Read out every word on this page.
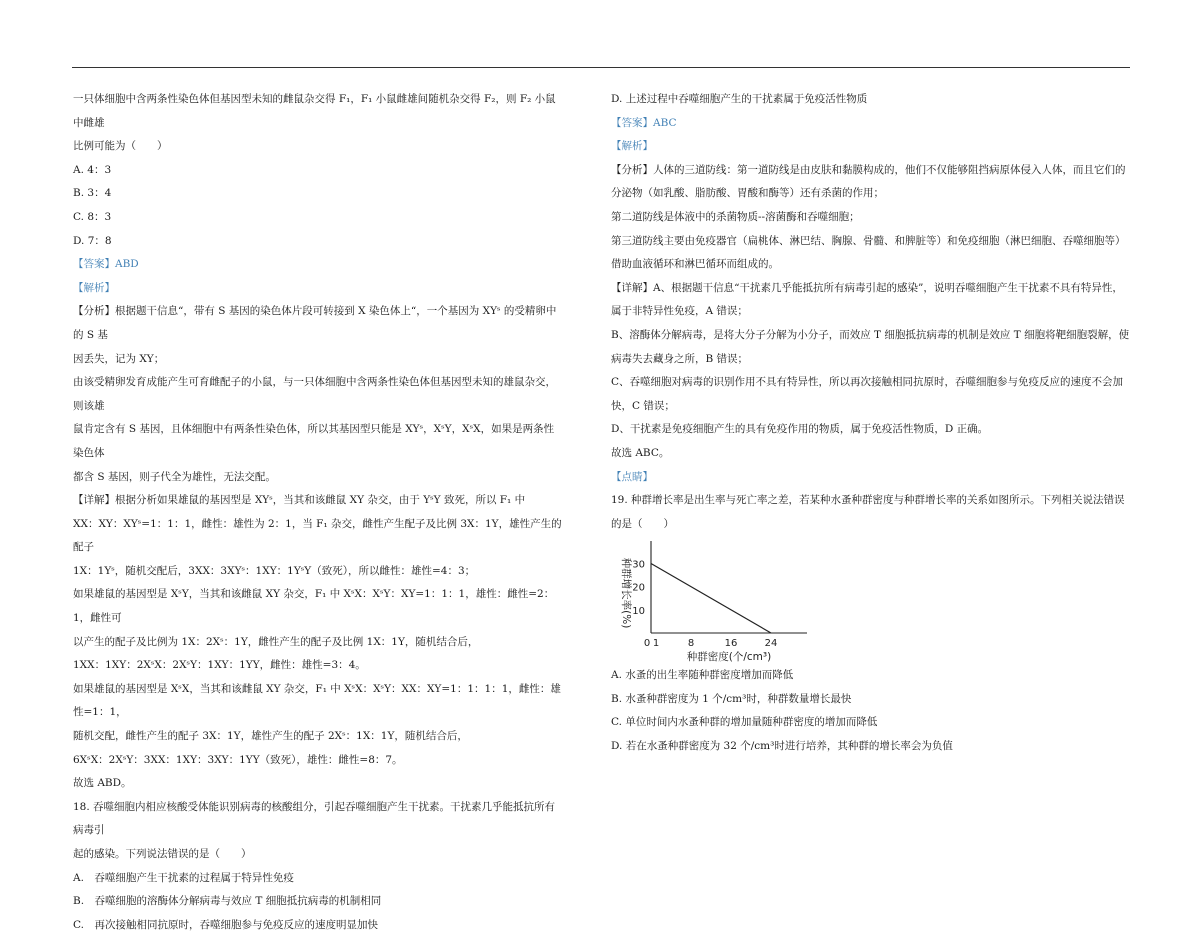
一只体细胞中含两条性染色体但基因型未知的雌鼠杂交得 F₁，F₁ 小鼠雌雄间随机杂交得 F₂，则 F₂ 小鼠中雌雄

比例可能为（　　）

A. 4：3

B. 3：4

C. 8：3

D. 7：8

【答案】ABD

【解析】

【分析】根据题干信息“，带有 S 基因的染色体片段可转接到 X 染色体上“，一个基因为 XYˢ 的受精卵中的 S 基

因丢失，记为 XY；

由该受精卵发育成能产生可育雌配子的小鼠，与一只体细胞中含两条性染色体但基因型未知的雄鼠杂交，则该雄

鼠肯定含有 S 基因，且体细胞中有两条性染色体，所以其基因型只能是 XYˢ，XˢY，XˢX，如果是两条性染色体

都含 S 基因，则子代全为雄性，无法交配。

【详解】根据分析如果雄鼠的基因型是 XYˢ，当其和该雌鼠 XY 杂交，由于 YˢY 致死，所以 F₁ 中

XX：XY：XYˢ=1：1：1，雌性：雄性为 2：1，当 F₁ 杂交，雌性产生配子及比例 3X：1Y，雄性产生的配子

1X：1Yˢ，随机交配后，3XX：3XYˢ：1XY：1YˢY（致死），所以雌性：雄性=4：3；

如果雄鼠的基因型是 XˢY，当其和该雌鼠 XY 杂交，F₁ 中 XˢX：XˢY：XY=1：1：1，雄性：雌性=2：1，雌性可

以产生的配子及比例为 1X：2Xˢ：1Y，雌性产生的配子及比例 1X：1Y，随机结合后，

1XX：1XY：2XˢX：2XˢY：1XY：1YY，雌性：雄性=3：4。

如果雄鼠的基因型是 XˢX，当其和该雌鼠 XY 杂交，F₁ 中 XˢX：XˢY：XX：XY=1：1：1：1，雌性：雄性=1：1，

随机交配，雌性产生的配子 3X：1Y，雄性产生的配子 2Xˢ：1X：1Y，随机结合后，

6XˢX：2XˢY：3XX：1XY：3XY：1YY（致死），雄性：雌性=8：7。

故选 ABD。

18. 吞噬细胞内相应核酸受体能识别病毒的核酸组分，引起吞噬细胞产生干扰素。干扰素几乎能抵抗所有病毒引

起的感染。下列说法错误的是（　　）

A.　吞噬细胞产生干扰素的过程属于特异性免疫

B.　吞噬细胞的溶酶体分解病毒与效应 T 细胞抵抗病毒的机制相同

C.　再次接触相同抗原时，吞噬细胞参与免疫反应的速度明显加快

D. 上述过程中吞噬细胞产生的干扰素属于免疫活性物质

【答案】ABC

【解析】

【分析】人体的三道防线：第一道防线是由皮肤和黏膜构成的，他们不仅能够阻挡病原体侵入人体，而且它们的

分泌物（如乳酸、脂肪酸、胃酸和酶等）还有杀菌的作用；

第二道防线是体液中的杀菌物质--溶菌酶和吞噬细胞；

第三道防线主要由免疫器官（扁桃体、淋巴结、胸腺、骨髓、和脾脏等）和免疫细胞（淋巴细胞、吞噬细胞等）

借助血液循环和淋巴循环而组成的。

【详解】A、根据题干信息“干扰素几乎能抵抗所有病毒引起的感染”，说明吞噬细胞产生干扰素不具有特异性，

属于非特异性免疫，A 错误；

B、溶酶体分解病毒，是将大分子分解为小分子，而效应 T 细胞抵抗病毒的机制是效应 T 细胞将靶细胞裂解，使

病毒失去藏身之所，B 错误；

C、吞噬细胞对病毒的识别作用不具有特异性，所以再次接触相同抗原时，吞噬细胞参与免疫反应的速度不会加

快，C 错误；

D、干扰素是免疫细胞产生的具有免疫作用的物质，属于免疫活性物质，D 正确。

故选 ABC。

【点睛】

19. 种群增长率是出生率与死亡率之差，若某种水蚤种群密度与种群增长率的关系如图所示。下列相关说法错误

的是（　　）

0 1	8	16	24
10
20
30
种群密度(个/cm³)
种群增长率(%)

A. 水蚤的出生率随种群密度增加而降低

B. 水蚤种群密度为 1 个/cm³时，种群数量增长最快

C. 单位时间内水蚤种群的增加量随种群密度的增加而降低

D. 若在水蚤种群密度为 32 个/cm³时进行培养，其种群的增长率会为负值
